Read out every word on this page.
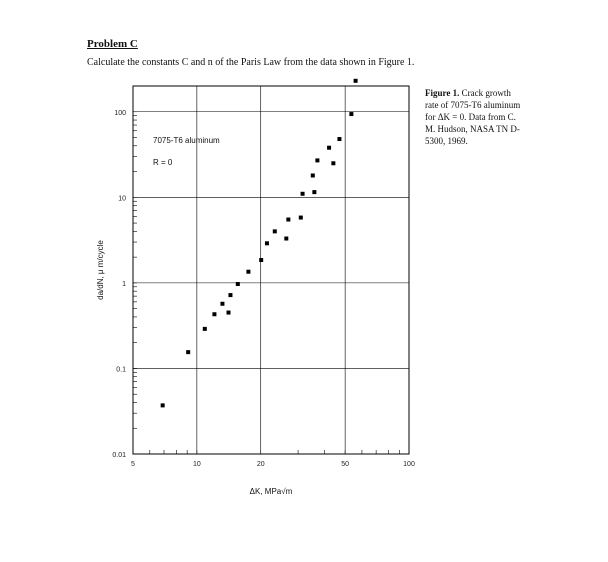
Problem C
Calculate the constants C and n of the Paris Law from the data shown in Figure 1.
5	10	20	50	100
0.01
0.1
1
10
100
7075-T6 aluminum
R = 0
ΔK, MPa√m
da/dN, μ m/cycle
Figure 1. Crack growth rate of 7075-T6 aluminum for ΔK = 0. Data from C. M. Hudson, NASA TN D-5300, 1969.
